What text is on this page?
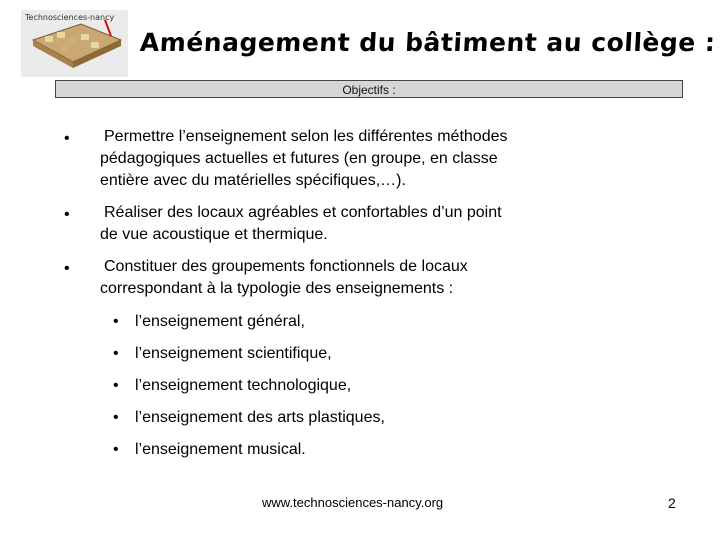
Technosciences-nancy
Aménagement du bâtiment au collège :
Objectifs :
• Permettre l’enseignement selon les différentes méthodes
pédagogiques actuelles et futures (en groupe, en classe
entière avec du matérielles spécifiques,…).
• Réaliser des locaux agréables et confortables d’un point
de vue acoustique et thermique.
• Constituer des groupements fonctionnels de locaux
correspondant à la typologie des enseignements :
• l’enseignement général,
• l’enseignement scientifique,
• l’enseignement technologique,
• l’enseignement des arts plastiques,
• l’enseignement musical.
www.technosciences-nancy.org	2
